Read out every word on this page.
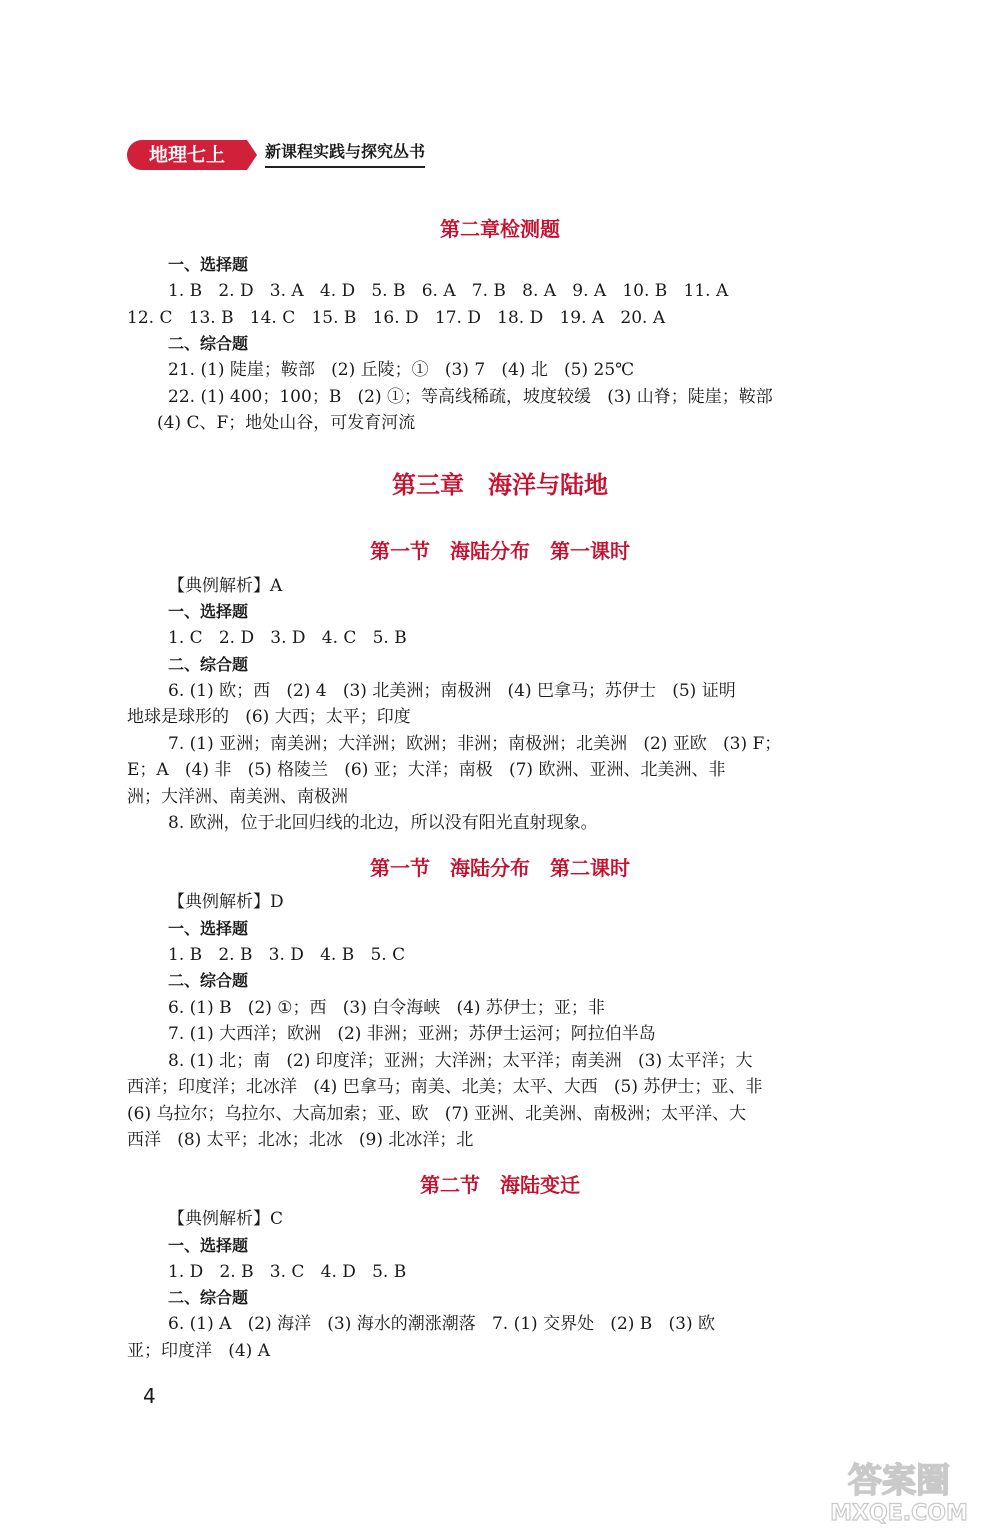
地理七上	新课程实践与探究丛书
第二章检测题
一、选择题
1. B   2. D   3. A   4. D   5. B   6. A   7. B   8. A   9. A   10. B   11. A
12. C   13. B   14. C   15. B   16. D   17. D   18. D   19. A   20. A
二、综合题
21. (1) 陡崖；鞍部   (2) 丘陵；①   (3) 7   (4) 北   (5) 25℃
22. (1) 400；100；B   (2) ①；等高线稀疏，坡度较缓   (3) 山脊；陡崖；鞍部
(4) C、F；地处山谷，可发育河流
第三章　海洋与陆地
第一节　海陆分布　第一课时
【典例解析】A
一、选择题
1. C   2. D   3. D   4. C   5. B
二、综合题
6. (1) 欧；西   (2) 4   (3) 北美洲；南极洲   (4) 巴拿马；苏伊士   (5) 证明
地球是球形的   (6) 大西；太平；印度
7. (1) 亚洲；南美洲；大洋洲；欧洲；非洲；南极洲；北美洲   (2) 亚欧   (3) F；
E；A   (4) 非   (5) 格陵兰   (6) 亚；大洋；南极   (7) 欧洲、亚洲、北美洲、非
洲；大洋洲、南美洲、南极洲
8. 欧洲，位于北回归线的北边，所以没有阳光直射现象。
第一节　海陆分布　第二课时
【典例解析】D
一、选择题
1. B   2. B   3. D   4. B   5. C
二、综合题
6. (1) B   (2) ①；西   (3) 白令海峡   (4) 苏伊士；亚；非
7. (1) 大西洋；欧洲   (2) 非洲；亚洲；苏伊士运河；阿拉伯半岛
8. (1) 北；南   (2) 印度洋；亚洲；大洋洲；太平洋；南美洲   (3) 太平洋；大
西洋；印度洋；北冰洋   (4) 巴拿马；南美、北美；太平、大西   (5) 苏伊士；亚、非
(6) 乌拉尔；乌拉尔、大高加索；亚、欧   (7) 亚洲、北美洲、南极洲；太平洋、大
西洋   (8) 太平；北冰；北冰   (9) 北冰洋；北
第二节　海陆变迁
【典例解析】C
一、选择题
1. D   2. B   3. C   4. D   5. B
二、综合题
6. (1) A   (2) 海洋   (3) 海水的潮涨潮落   7. (1) 交界处   (2) B   (3) 欧
亚；印度洋   (4) A
4
答案圈
MXQE.COM
